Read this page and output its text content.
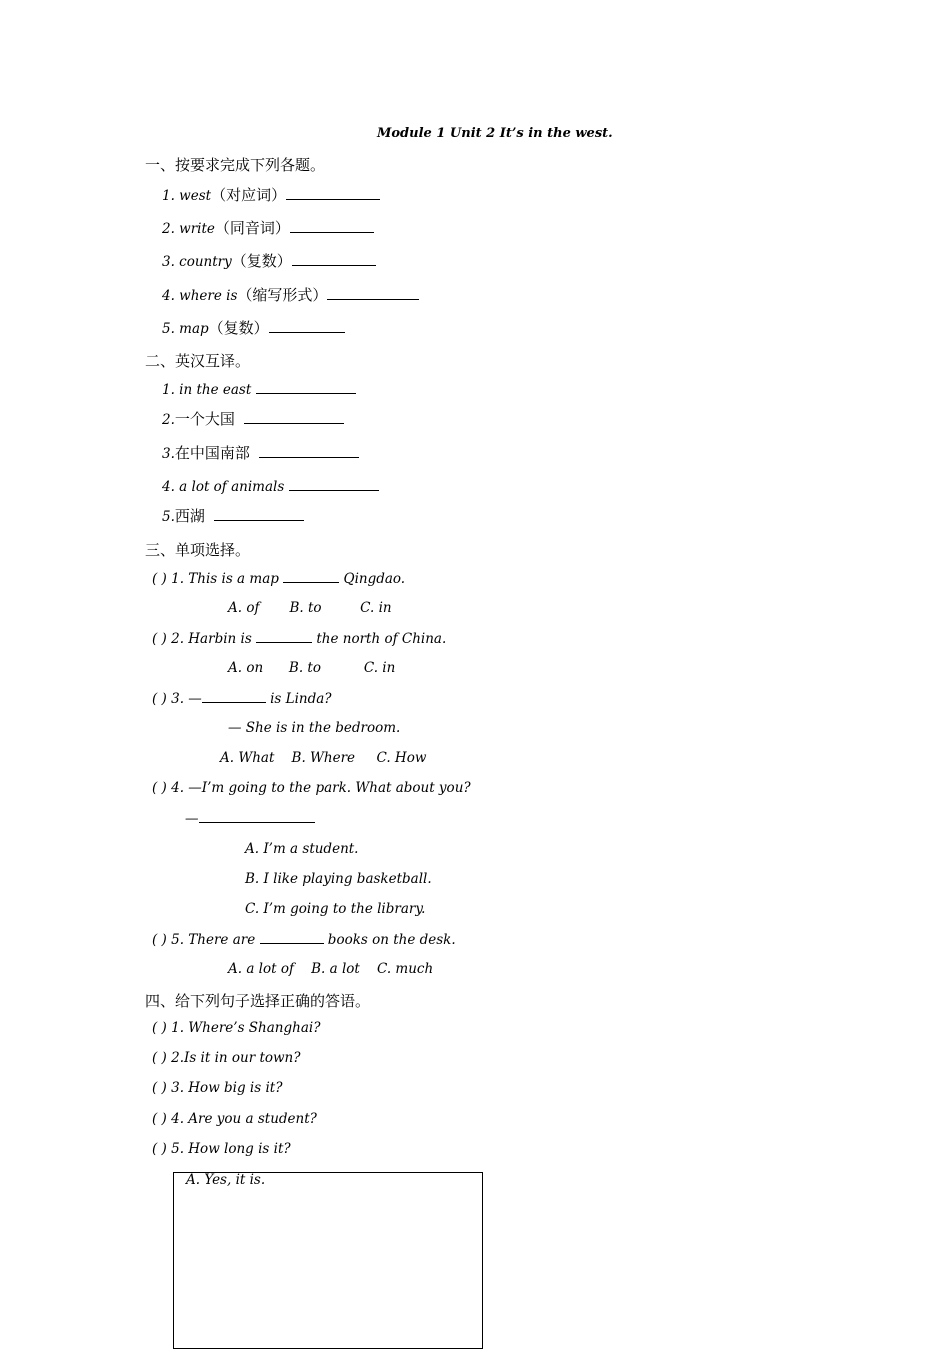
Module 1 Unit 2 It’s in the west.
一、按要求完成下列各题。
1. west（对应词）
2. write（同音词）
3. country（复数）
4. where is（缩写形式）
5. map（复数）
二、英汉互译。
1. in the east
2.一个大国
3.在中国南部
4. a lot of animals
5.西湖
三、单项选择。
( ) 1. This is a map	Qingdao.
A. of       B. to         C. in
( ) 2. Harbin is	the north of China.
A. on      B. to          C. in
( ) 3. —	is Linda?
— She is in the bedroom.
A. What    B. Where     C. How
( ) 4. —I’m going to the park. What about you?
—
A. I’m a student.
B. I like playing basketball.
C. I’m going to the library.
( ) 5. There are	books on the desk.
A. a lot of    B. a lot    C. much
四、给下列句子选择正确的答语。
( ) 1. Where’s Shanghai?
( ) 2.Is it in our town?
( ) 3. How big is it?
( ) 4. Are you a student?
( ) 5. How long is it?
A. Yes, it is.
